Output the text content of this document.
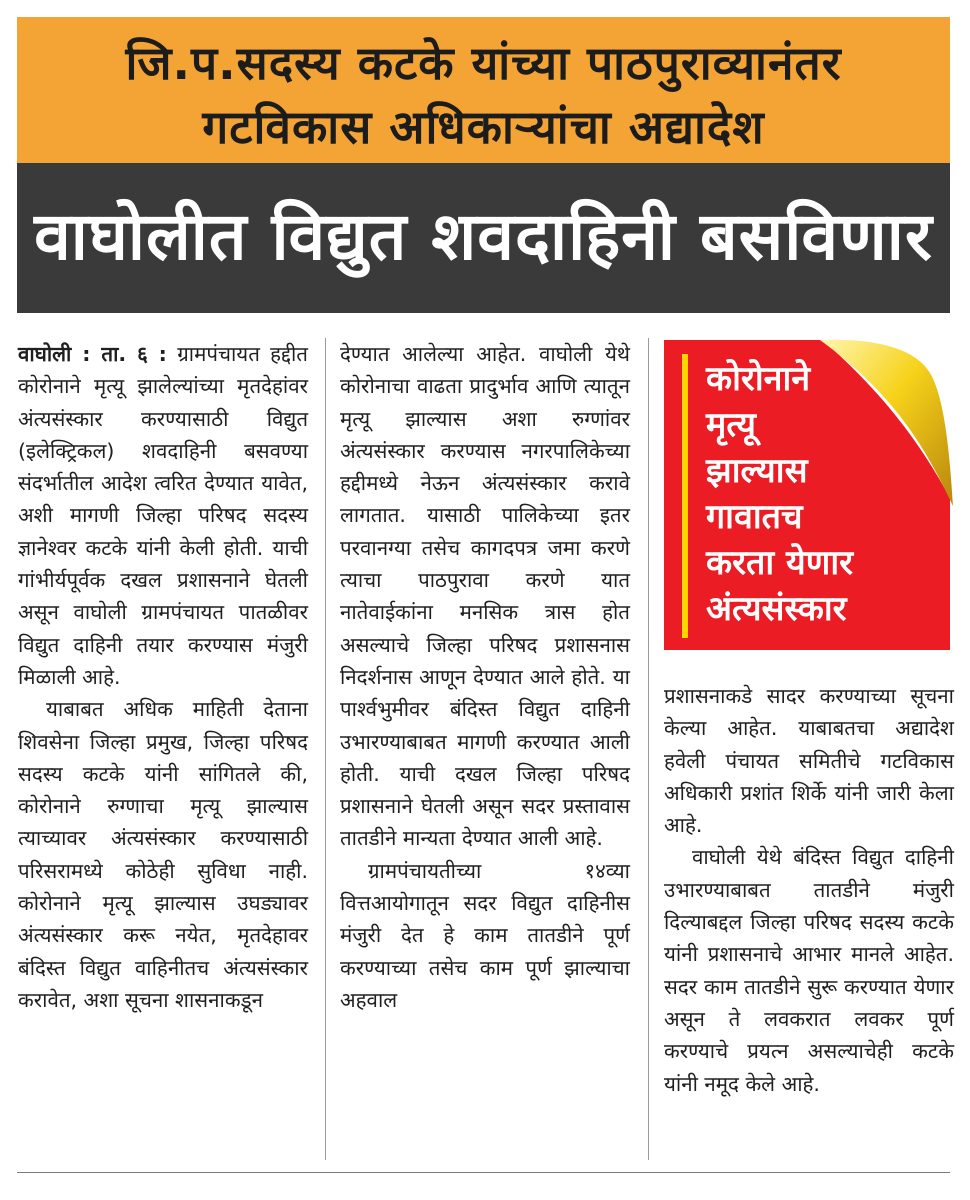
जि.प.सदस्य कटके यांच्या पाठपुराव्यानंतर
गटविकास अधिकाऱ्यांचा अद्यादेश
वाघोलीत विद्युत शवदाहिनी बसविणार

वाघोली : ता. ६ : ग्रामपंचायत हद्दीत कोरोनाने मृत्यू झालेल्यांच्या मृतदेहांवर अंत्यसंस्कार करण्यासाठी विद्युत (इलेक्ट्रिकल) शवदाहिनी बसवण्या संदर्भातील आदेश त्वरित देण्यात यावेत, अशी मागणी जिल्हा परिषद सदस्य ज्ञानेश्वर कटके यांनी केली होती. याची गांभीर्यपूर्वक दखल प्रशासनाने घेतली असून वाघोली ग्रामपंचायत पातळीवर विद्युत दाहिनी तयार करण्यास मंजुरी मिळाली आहे.

याबाबत अधिक माहिती देताना शिवसेना जिल्हा प्रमुख, जिल्हा परिषद सदस्य कटके यांनी सांगितले की, कोरोनाने रुग्णाचा मृत्यू झाल्यास त्याच्यावर अंत्यसंस्कार करण्यासाठी परिसरामध्ये कोठेही सुविधा नाही. कोरोनाने मृत्यू झाल्यास उघड्यावर अंत्यसंस्कार करू नयेत, मृतदेहावर बंदिस्त विद्युत वाहिनीतच अंत्यसंस्कार करावेत, अशा सूचना शासनाकडून

देण्यात आलेल्या आहेत. वाघोली येथे कोरोनाचा वाढता प्रादुर्भाव आणि त्यातून मृत्यू झाल्यास अशा रुग्णांवर अंत्यसंस्कार करण्यास नगरपालिकेच्या हद्दीमध्ये नेऊन अंत्यसंस्कार करावे लागतात. यासाठी पालिकेच्या इतर परवानग्या तसेच कागदपत्र जमा करणे त्याचा पाठपुरावा करणे यात नातेवाईकांना मनसिक त्रास होत असल्याचे जिल्हा परिषद प्रशासनास निदर्शनास आणून देण्यात आले होते. या पार्श्वभुमीवर बंदिस्त विद्युत दाहिनी उभारण्याबाबत मागणी करण्यात आली होती. याची दखल जिल्हा परिषद प्रशासनाने घेतली असून सदर प्रस्तावास तातडीने मान्यता देण्यात आली आहे.

ग्रामपंचायतीच्या १४व्या वित्तआयोगातून सदर विद्युत दाहिनीस मंजुरी देत हे काम तातडीने पूर्ण करण्याच्या तसेच काम पूर्ण झाल्याचा अहवाल

कोरोनाने
मृत्यू
झाल्यास
गावातच
करता येणार
अंत्यसंस्कार

प्रशासनाकडे सादर करण्याच्या सूचना केल्या आहेत. याबाबतचा अद्यादेश हवेली पंचायत समितीचे गटविकास अधिकारी प्रशांत शिर्के यांनी जारी केला आहे.

वाघोली येथे बंदिस्त विद्युत दाहिनी उभारण्याबाबत तातडीने मंजुरी दिल्याबद्दल जिल्हा परिषद सदस्य कटके यांनी प्रशासनाचे आभार मानले आहेत. सदर काम तातडीने सुरू करण्यात येणार असून ते लवकरात लवकर पूर्ण करण्याचे प्रयत्न असल्याचेही कटके यांनी नमूद केले आहे.
